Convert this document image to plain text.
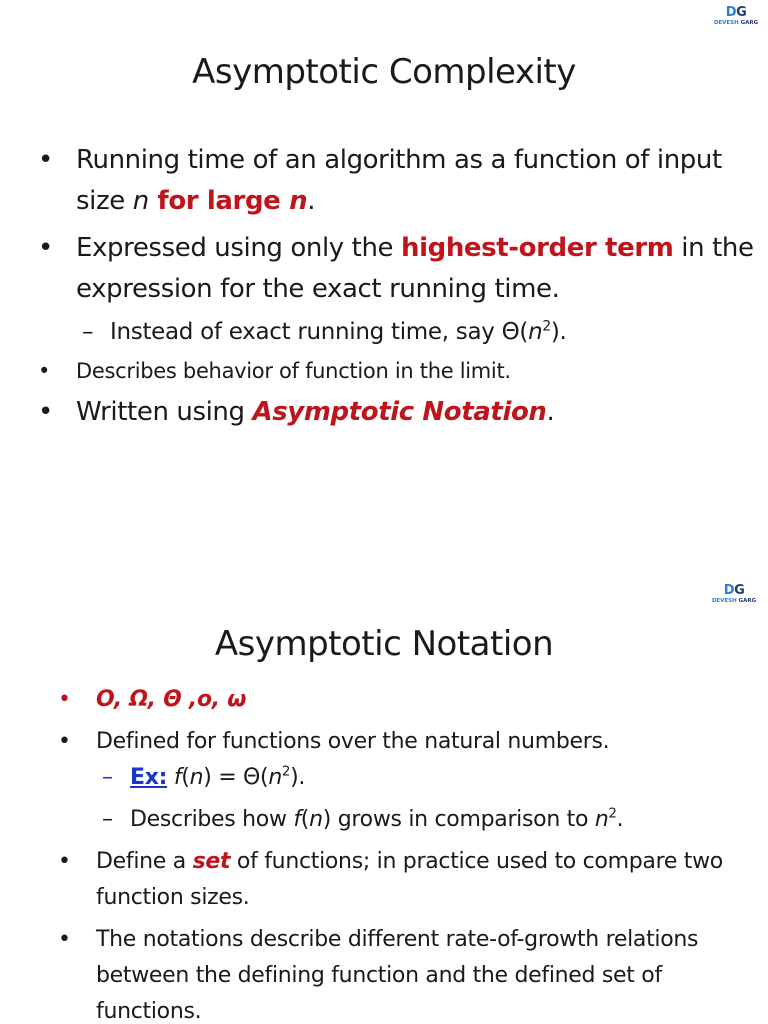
DG
DEVESH GARG
Asymptotic Complexity
• Running time of an algorithm as a function of input size n for large n.
• Expressed using only the highest-order term in the expression for the exact running time.
– Instead of exact running time, say $\Theta(n^2)$.
• Describes behavior of function in the limit.
• Written using Asymptotic Notation.
DG
DEVESH GARG
Asymptotic Notation
• O, Ω, Θ ,o, ω
• Defined for functions over the natural numbers.
– Ex: $f(n) = \Theta(n^2)$.
– Describes how f(n) grows in comparison to $n^2$.
• Define a set of functions; in practice used to compare two function sizes.
• The notations describe different rate-of-growth relations between the defining function and the defined set of functions.
